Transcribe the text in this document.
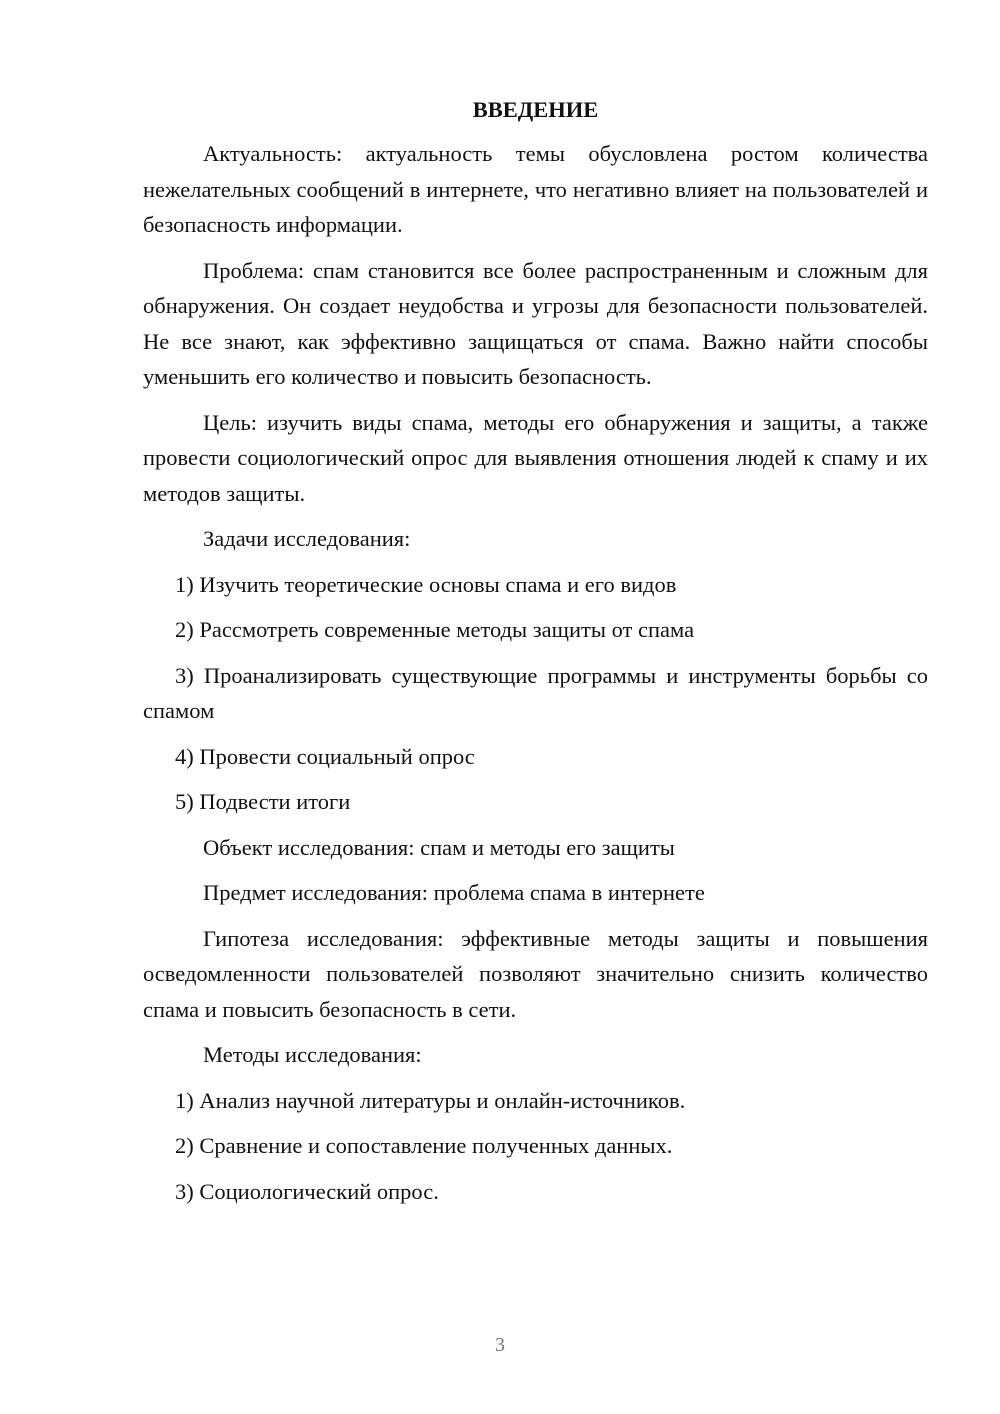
ВВЕДЕНИЕ

Актуальность: актуальность темы обусловлена ростом количества нежелательных сообщений в интернете, что негативно влияет на пользователей и безопасность информации.

Проблема: спам становится все более распространенным и сложным для обнаружения. Он создает неудобства и угрозы для безопасности пользователей. Не все знают, как эффективно защищаться от спама. Важно найти способы уменьшить его количество и повысить безопасность.

Цель: изучить виды спама, методы его обнаружения и защиты, а также провести социологический опрос для выявления отношения людей к спаму и их методов защиты.

Задачи исследования:

1) Изучить теоретические основы спама и его видов

2) Рассмотреть современные методы защиты от спама

3) Проанализировать существующие программы и инструменты борьбы со спамом

4) Провести социальный опрос

5) Подвести итоги

Объект исследования: спам и методы его защиты

Предмет исследования: проблема спама в интернете

Гипотеза исследования: эффективные методы защиты и повышения осведомленности пользователей позволяют значительно снизить количество спама и повысить безопасность в сети.

Методы исследования:

1) Анализ научной литературы и онлайн-источников.

2) Сравнение и сопоставление полученных данных.

3) Социологический опрос.

3
